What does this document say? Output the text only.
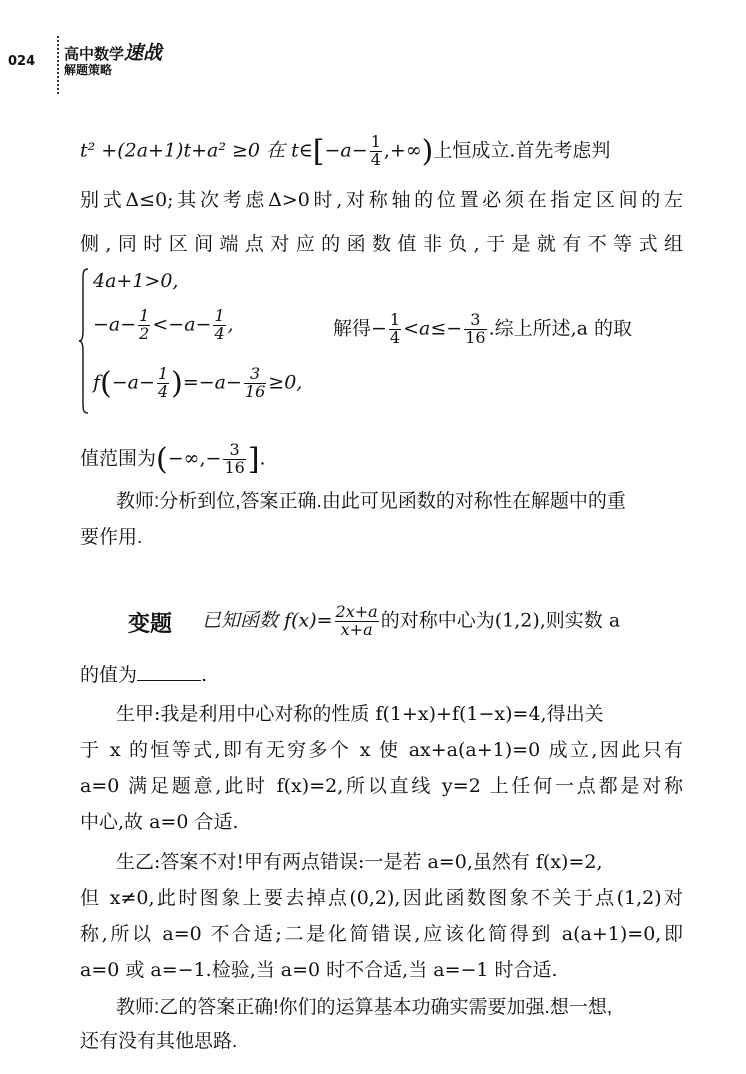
024 高中数学速战
解题策略
t² +(2a+1)t+a² ≥0 在 t∈[−a− $\frac{1}{4}$ ,+∞)上恒成立.首先考虑判
别式Δ≤0;其次考虑Δ>0时,对称轴的位置必须在指定区间的左
侧,同时区间端点对应的函数值非负,于是就有不等式组
4a+1>0,
$-a- \frac{1}{2} <-a- \frac{1}{4}$ ,
$f(-a- \frac{1}{4} )=-a- \frac{3}{16} \ge 0$,
解得− $\frac{1}{4} <a\le- \frac{3}{16}$ .综上所述,a 的取
值范围为(−∞,− $\frac{3}{16}$ ].
教师:分析到位,答案正确.由此可见函数的对称性在解题中的重
要作用.
变题 已知函数 $f(x)= \frac{2x+a}{x+a}$ 的对称中心为(1,2),则实数 a
的值为	.
生甲:我是利用中心对称的性质 f(1+x)+f(1−x)=4,得出关
于 x 的恒等式,即有无穷多个 x 使 ax+a(a+1)=0 成立,因此只有
a=0 满足题意,此时 f(x)=2,所以直线 y=2 上任何一点都是对称
中心,故 a=0 合适.
生乙:答案不对!甲有两点错误:一是若 a=0,虽然有 f(x)=2,
但 x≠0,此时图象上要去掉点(0,2),因此函数图象不关于点(1,2)对
称,所以 a=0 不合适;二是化简错误,应该化简得到 a(a+1)=0,即
a=0 或 a=−1.检验,当 a=0 时不合适,当 a=−1 时合适.
教师:乙的答案正确!你们的运算基本功确实需要加强.想一想,
还有没有其他思路.
